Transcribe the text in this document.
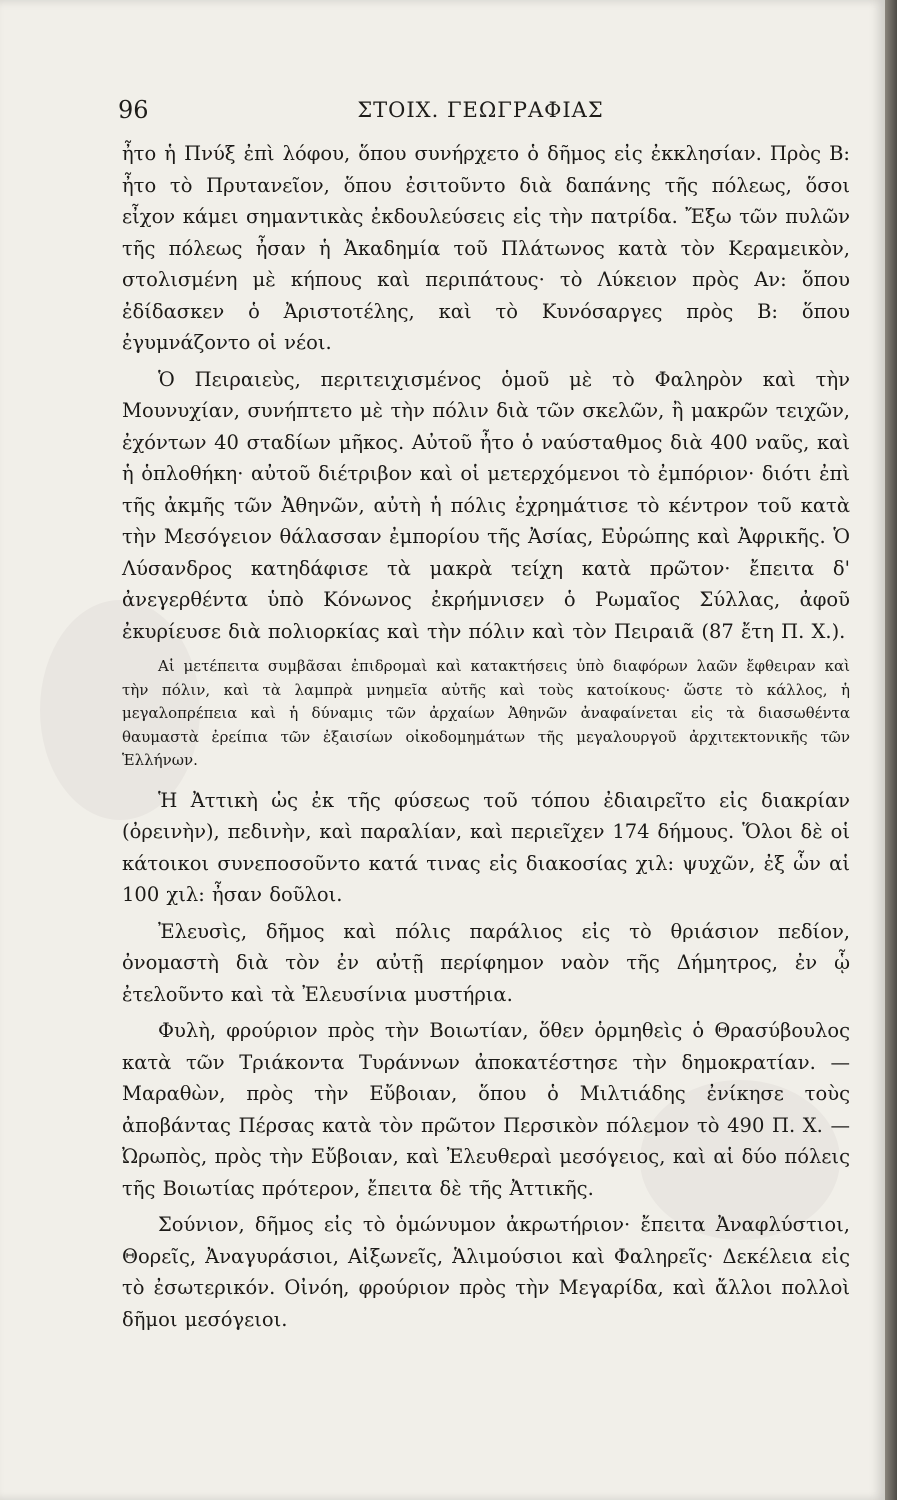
96	ΣΤΟΙΧ. ΓΕΩΓΡΑΦΙΑΣ

ἦτο ἡ Πνύξ ἐπὶ λόφου, ὅπου συνήρχετο ὁ δῆμος εἰς ἐκκλησίαν. Πρὸς Β: ἦτο τὸ Πρυτανεῖον, ὅπου ἐσιτοῦντο διὰ δαπάνης τῆς πόλεως, ὅσοι εἶχον κάμει σημαντικὰς ἐκδουλεύσεις εἰς τὴν πατρίδα. Ἔξω τῶν πυλῶν τῆς πόλεως ἦσαν ἡ Ἀκαδημία τοῦ Πλάτωνος κατὰ τὸν Κεραμεικὸν, στολισμένη μὲ κήπους καὶ περιπάτους· τὸ Λύκειον πρὸς Αν: ὅπου ἐδίδασκεν ὁ Ἀριστοτέλης, καὶ τὸ Κυνόσαργες πρὸς Β: ὅπου ἐγυμνάζοντο οἱ νέοι.

Ὁ Πειραιεὺς, περιτειχισμένος ὁμοῦ μὲ τὸ Φαληρὸν καὶ τὴν Μουνυχίαν, συνήπτετο μὲ τὴν πόλιν διὰ τῶν σκελῶν, ἢ μακρῶν τειχῶν, ἐχόντων 40 σταδίων μῆκος. Αὐτοῦ ἦτο ὁ ναύσταθμος διὰ 400 ναῦς, καὶ ἡ ὁπλοθήκη· αὐτοῦ διέτριβον καὶ οἱ μετερχόμενοι τὸ ἐμπόριον· διότι ἐπὶ τῆς ἀκμῆς τῶν Ἀθηνῶν, αὐτὴ ἡ πόλις ἐχρημάτισε τὸ κέντρον τοῦ κατὰ τὴν Μεσόγειον θάλασσαν ἐμπορίου τῆς Ἀσίας, Εὐρώπης καὶ Ἀφρικῆς. Ὁ Λύσανδρος κατηδάφισε τὰ μακρὰ τείχη κατὰ πρῶτον· ἔπειτα δ' ἀνεγερθέντα ὑπὸ Κόνωνος ἐκρήμνισεν ὁ Ρωμαῖος Σύλλας, ἀφοῦ ἐκυρίευσε διὰ πολιορκίας καὶ τὴν πόλιν καὶ τὸν Πειραιᾶ (87 ἔτη Π. Χ.).

Αἱ μετέπειτα συμβᾶσαι ἐπιδρομαὶ καὶ κατακτήσεις ὑπὸ διαφόρων λαῶν ἔφθειραν καὶ τὴν πόλιν, καὶ τὰ λαμπρὰ μνημεῖα αὐτῆς καὶ τοὺς κατοίκους· ὥστε τὸ κάλλος, ἡ μεγαλοπρέπεια καὶ ἡ δύναμις τῶν ἀρχαίων Ἀθηνῶν ἀναφαίνεται εἰς τὰ διασωθέντα θαυμαστὰ ἐρείπια τῶν ἐξαισίων οἰκοδομημάτων τῆς μεγαλουργοῦ ἀρχιτεκτονικῆς τῶν Ἑλλήνων.

Ἡ Ἀττικὴ ὡς ἐκ τῆς φύσεως τοῦ τόπου ἐδιαιρεῖτο εἰς διακρίαν (ὀρεινὴν), πεδινὴν, καὶ παραλίαν, καὶ περιεῖχεν 174 δήμους. Ὅλοι δὲ οἱ κάτοικοι συνεποσοῦντο κατά τινας εἰς διακοσίας χιλ: ψυχῶν, ἐξ ὧν αἱ 100 χιλ: ἦσαν δοῦλοι.

Ἐλευσὶς, δῆμος καὶ πόλις παράλιος εἰς τὸ θριάσιον πεδίον, ὀνομαστὴ διὰ τὸν ἐν αὐτῇ περίφημον ναὸν τῆς Δήμητρος, ἐν ᾧ ἐτελοῦντο καὶ τὰ Ἐλευσίνια μυστήρια.

Φυλὴ, φρούριον πρὸς τὴν Βοιωτίαν, ὅθεν ὁρμηθεὶς ὁ Θρασύβουλος κατὰ τῶν Τριάκοντα Τυράννων ἀποκατέστησε τὴν δημοκρατίαν. — Μαραθὼν, πρὸς τὴν Εὔβοιαν, ὅπου ὁ Μιλτιάδης ἐνίκησε τοὺς ἀποβάντας Πέρσας κατὰ τὸν πρῶτον Περσικὸν πόλεμον τὸ 490 Π. Χ. — Ὠρωπὸς, πρὸς τὴν Εὔβοιαν, καὶ Ἐλευθεραὶ μεσόγειος, καὶ αἱ δύο πόλεις τῆς Βοιωτίας πρότερον, ἔπειτα δὲ τῆς Ἀττικῆς.

Σούνιον, δῆμος εἰς τὸ ὁμώνυμον ἀκρωτήριον· ἔπειτα Ἀναφλύστιοι, Θορεῖς, Ἀναγυράσιοι, Αἰξωνεῖς, Ἁλιμούσιοι καὶ Φαληρεῖς· Δεκέλεια εἰς τὸ ἐσωτερικόν. Οἰνόη, φρούριον πρὸς τὴν Μεγαρίδα, καὶ ἄλλοι πολλοὶ δῆμοι μεσόγειοι.
